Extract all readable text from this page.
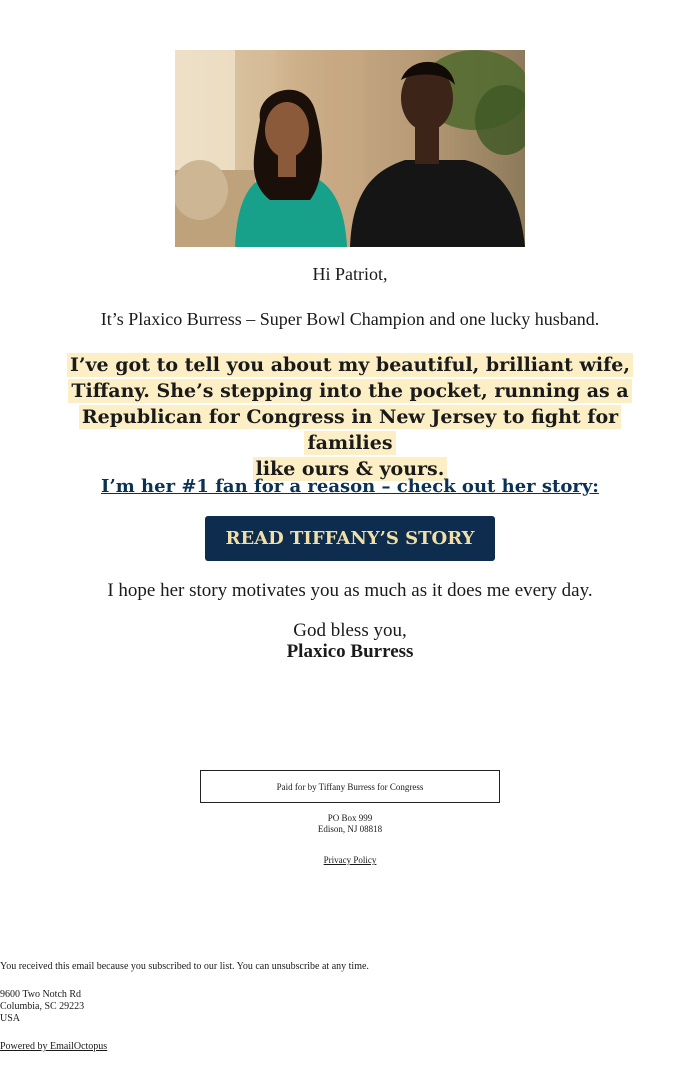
Hi Patriot,
It’s Plaxico Burress – Super Bowl Champion and one lucky husband.
I’ve got to tell you about my beautiful, brilliant wife,
Tiffany. She’s stepping into the pocket, running as a
Republican for Congress in New Jersey to fight for families
like ours & yours.
I’m her #1 fan for a reason – check out her story:
READ TIFFANY’S STORY
I hope her story motivates you as much as it does me every day.
God bless you,
Plaxico Burress
Paid for by Tiffany Burress for Congress
PO Box 999
Edison, NJ 08818
Privacy Policy
You received this email because you subscribed to our list. You can unsubscribe at any time.
9600 Two Notch Rd
Columbia, SC 29223
USA
Powered by EmailOctopus
